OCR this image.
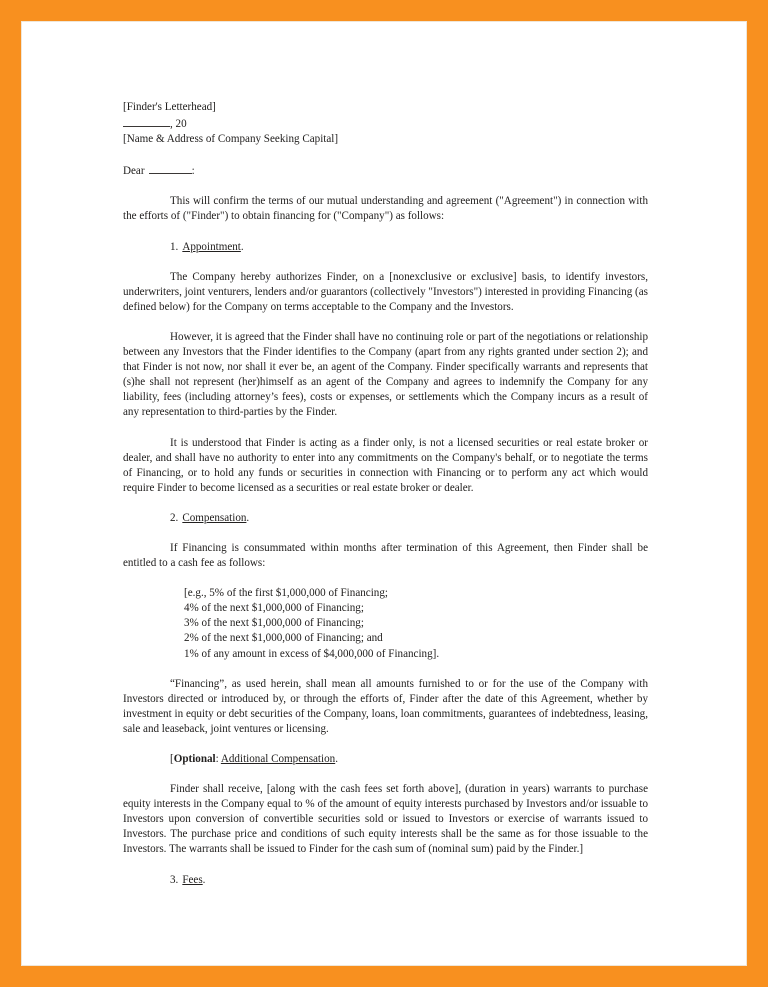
[Finder's Letterhead]
, 20
[Name & Address of Company Seeking Capital]
Dear	:

This will confirm the terms of our mutual understanding and agreement ("Agreement") in connection with the efforts of ("Finder") to obtain financing for ("Company") as follows:

1. Appointment.

The Company hereby authorizes Finder, on a [nonexclusive or exclusive] basis, to identify investors, underwriters, joint venturers, lenders and/or guarantors (collectively "Investors") interested in providing Financing (as defined below) for the Company on terms acceptable to the Company and the Investors.

However, it is agreed that the Finder shall have no continuing role or part of the negotiations or relationship between any Investors that the Finder identifies to the Company (apart from any rights granted under section 2); and that Finder is not now, nor shall it ever be, an agent of the Company. Finder specifically warrants and represents that (s)he shall not represent (her)himself as an agent of the Company and agrees to indemnify the Company for any liability, fees (including attorney’s fees), costs or expenses, or settlements which the Company incurs as a result of any representation to third-parties by the Finder.

It is understood that Finder is acting as a finder only, is not a licensed securities or real estate broker or dealer, and shall have no authority to enter into any commitments on the Company's behalf, or to negotiate the terms of Financing, or to hold any funds or securities in connection with Financing or to perform any act which would require Finder to become licensed as a securities or real estate broker or dealer.

2. Compensation.

If Financing is consummated within months after termination of this Agreement, then Finder shall be entitled to a cash fee as follows:

[e.g., 5% of the first $1,000,000 of Financing;
4% of the next $1,000,000 of Financing;
3% of the next $1,000,000 of Financing;
2% of the next $1,000,000 of Financing; and
1% of any amount in excess of $4,000,000 of Financing].

“Financing”, as used herein, shall mean all amounts furnished to or for the use of the Company with Investors directed or introduced by, or through the efforts of, Finder after the date of this Agreement, whether by investment in equity or debt securities of the Company, loans, loan commitments, guarantees of indebtedness, leasing, sale and leaseback, joint ventures or licensing.

[Optional: Additional Compensation.

Finder shall receive, [along with the cash fees set forth above], (duration in years) warrants to purchase equity interests in the Company equal to % of the amount of equity interests purchased by Investors and/or issuable to Investors upon conversion of convertible securities sold or issued to Investors or exercise of warrants issued to Investors. The purchase price and conditions of such equity interests shall be the same as for those issuable to the Investors. The warrants shall be issued to Finder for the cash sum of (nominal sum) paid by the Finder.]

3. Fees.
